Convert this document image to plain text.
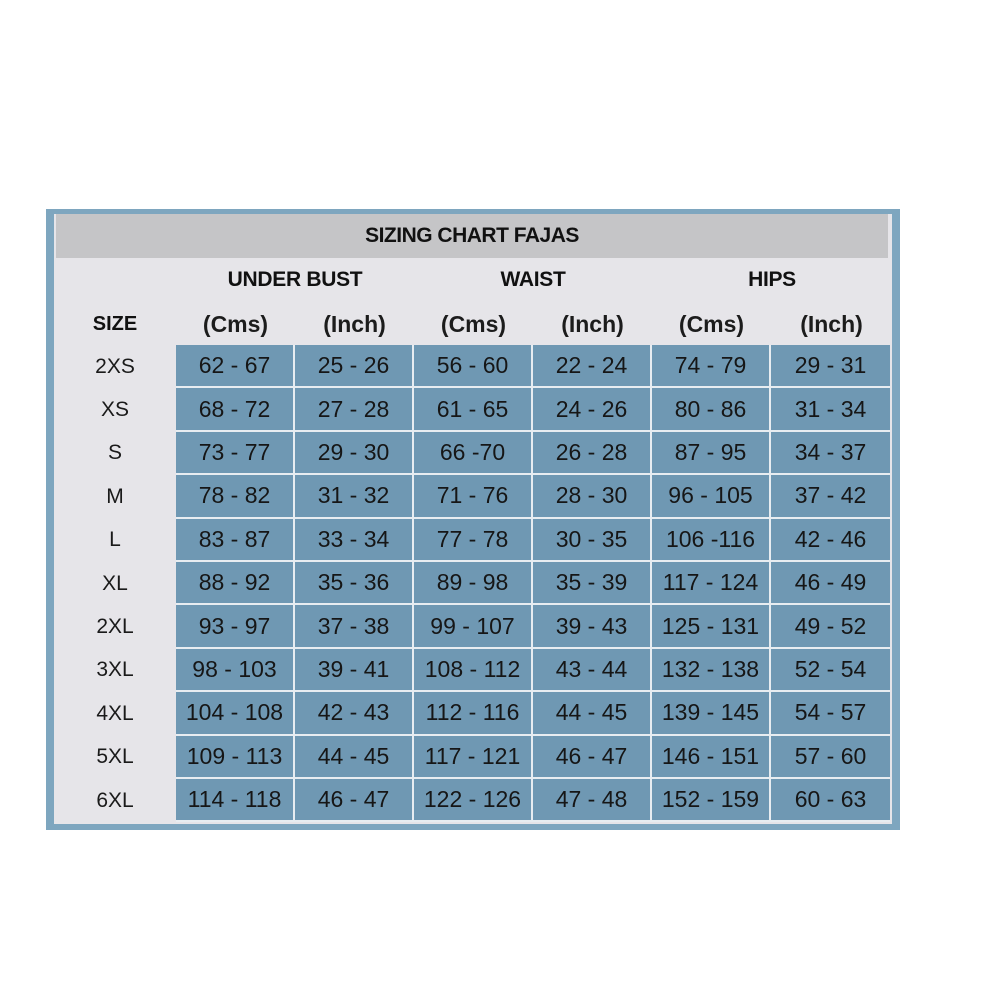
SIZING CHART FAJAS
UNDER BUST	WAIST	HIPS
SIZE	(Cms)	(Inch)	(Cms)	(Inch)	(Cms)	(Inch)
2XS	62 - 67	25 - 26	56 - 60	22 - 24	74 - 79	29 - 31
XS	68 - 72	27 - 28	61 - 65	24 - 26	80 - 86	31 - 34
S	73 - 77	29 - 30	66 -70	26 - 28	87 - 95	34 - 37
M	78 - 82	31 - 32	71 - 76	28 - 30	96 - 105	37 - 42
L	83 - 87	33 - 34	77 - 78	30 - 35	106 -116	42 - 46
XL	88 - 92	35 - 36	89 - 98	35 - 39	117 - 124	46 - 49
2XL	93 - 97	37 - 38	99 - 107	39 - 43	125 - 131	49 - 52
3XL	98 - 103	39 - 41	108 - 112	43 - 44	132 - 138	52 - 54
4XL	104 - 108	42 - 43	112 - 116	44 - 45	139 - 145	54 - 57
5XL	109 - 113	44 - 45	117 - 121	46 - 47	146 - 151	57 - 60
6XL	114 - 118	46 - 47	122 - 126	47 - 48	152 - 159	60 - 63
